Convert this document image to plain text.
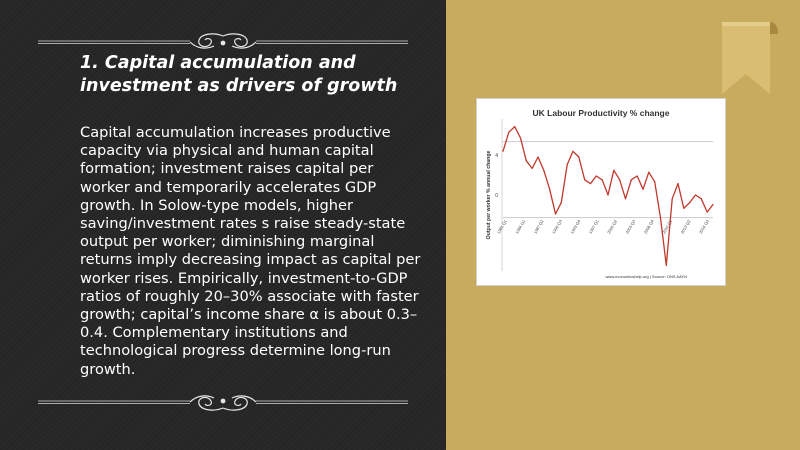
1. Capital accumulation and investment as drivers of growth

Capital accumulation increases productive capacity via physical and human capital formation; investment raises capital per worker and temporarily accelerates GDP growth. In Solow-type models, higher saving/investment rates s raise steady-state output per worker; diminishing marginal returns imply decreasing impact as capital per worker rises. Empirically, investment-to-GDP ratios of roughly 20–30% associate with faster growth; capital’s income share α is about 0.3–0.4. Complementary institutions and technological progress determine long-run growth.

UK Labour Productivity % change
Output per worker % annual change 4
0
1981 Q1 1984 Q1 1987 Q2 1990 Q3 1993 Q4 1997 Q1 2000 Q2 2003 Q3 2006 Q4 2010 Q1 2013 Q2 2016 Q3
www.economicshelp.org | Source: ONS AAYN
